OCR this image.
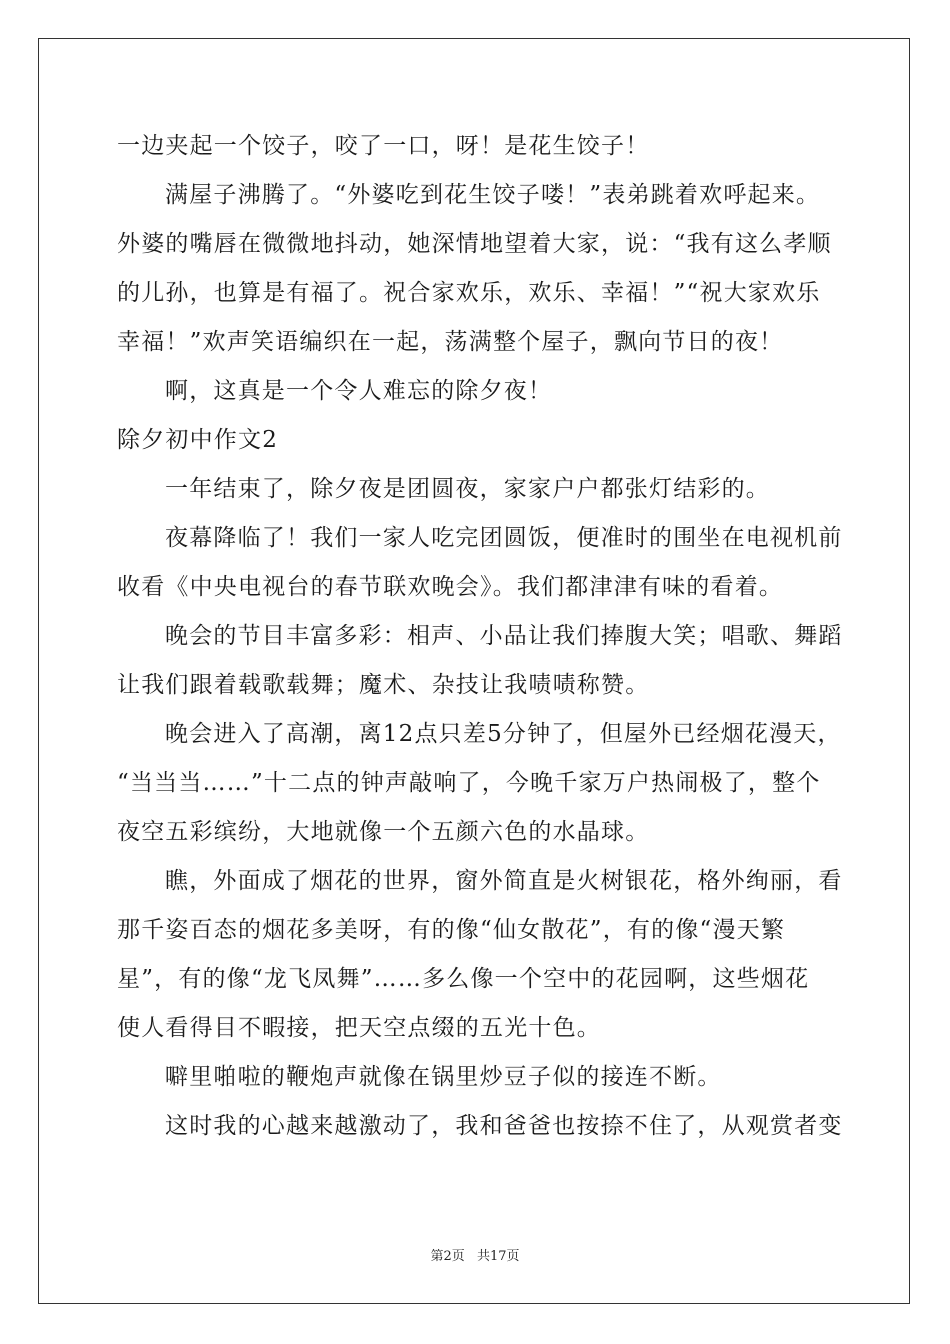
一边夹起一个饺子，咬了一口，呀！是花生饺子！
满屋子沸腾了。“外婆吃到花生饺子喽！”表弟跳着欢呼起来。
外婆的嘴唇在微微地抖动，她深情地望着大家，说：“我有这么孝顺
的儿孙，也算是有福了。祝合家欢乐，欢乐、幸福！”“祝大家欢乐
幸福！”欢声笑语编织在一起，荡满整个屋子，飘向节日的夜！
啊，这真是一个令人难忘的除夕夜！
除夕初中作文2
一年结束了，除夕夜是团圆夜，家家户户都张灯结彩的。
夜幕降临了！我们一家人吃完团圆饭，便准时的围坐在电视机前
收看《中央电视台的春节联欢晚会》。我们都津津有味的看着。
晚会的节目丰富多彩：相声、小品让我们捧腹大笑；唱歌、舞蹈
让我们跟着载歌载舞；魔术、杂技让我啧啧称赞。
晚会进入了高潮，离12点只差5分钟了，但屋外已经烟花漫天，
“当当当……”十二点的钟声敲响了，今晚千家万户热闹极了，整个
夜空五彩缤纷，大地就像一个五颜六色的水晶球。
瞧，外面成了烟花的世界，窗外简直是火树银花，格外绚丽，看
那千姿百态的烟花多美呀，有的像“仙女散花”，有的像“漫天繁
星”，有的像“龙飞凤舞”……多么像一个空中的花园啊，这些烟花
使人看得目不暇接，把天空点缀的五光十色。
噼里啪啦的鞭炮声就像在锅里炒豆子似的接连不断。
这时我的心越来越激动了，我和爸爸也按捺不住了，从观赏者变
第2页 共17页
